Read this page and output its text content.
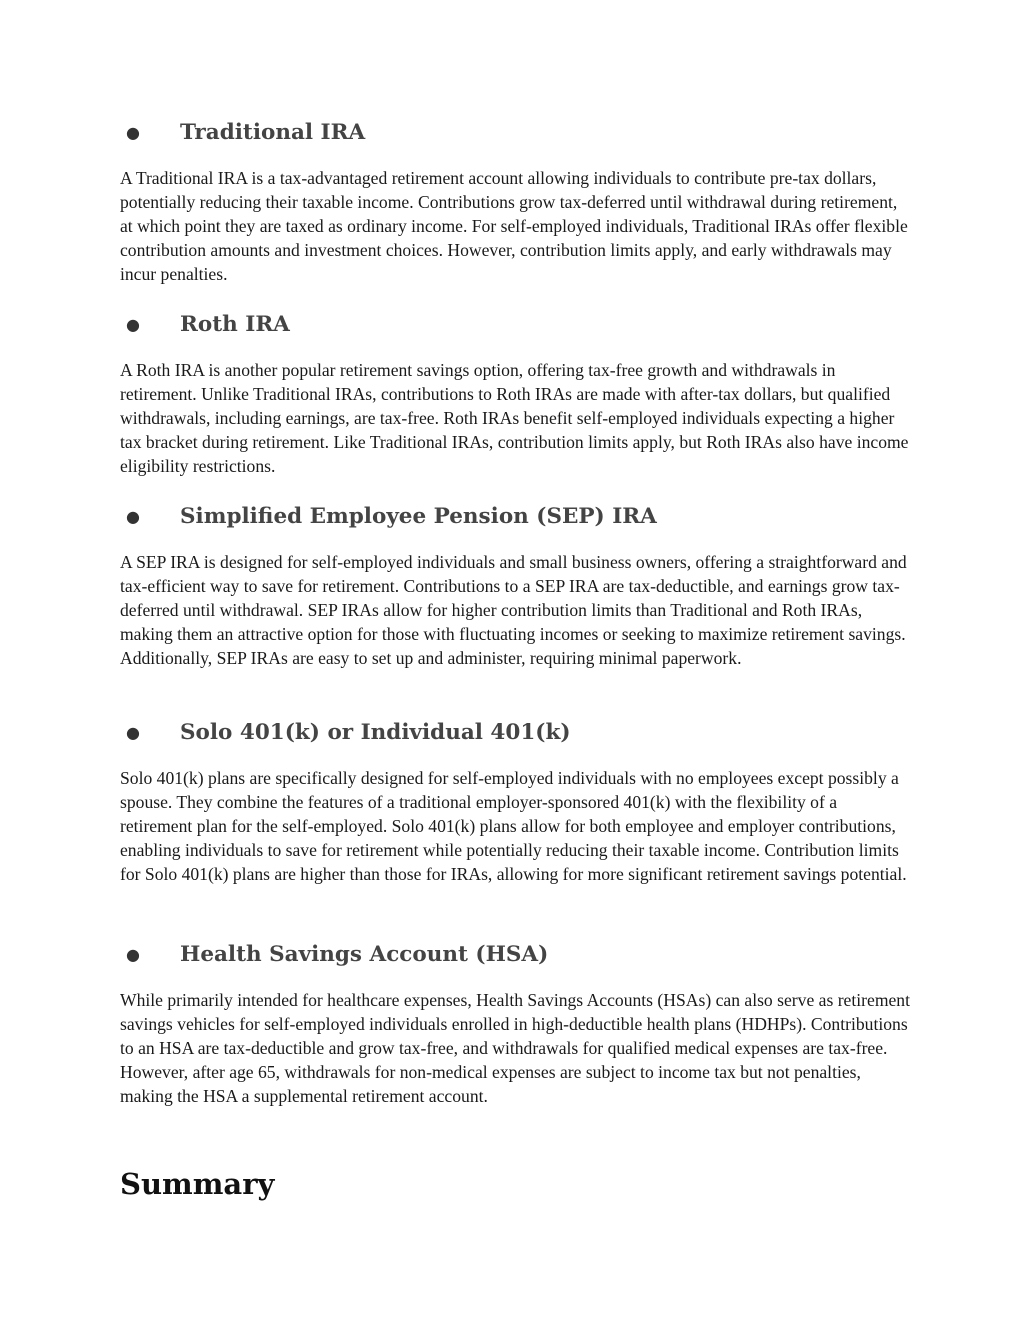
● Traditional IRA

A Traditional IRA is a tax-advantaged retirement account allowing individuals to contribute pre-tax dollars, potentially reducing their taxable income. Contributions grow tax-deferred until withdrawal during retirement, at which point they are taxed as ordinary income. For self-employed individuals, Traditional IRAs offer flexible contribution amounts and investment choices. However, contribution limits apply, and early withdrawals may incur penalties.

● Roth IRA

A Roth IRA is another popular retirement savings option, offering tax-free growth and withdrawals in retirement. Unlike Traditional IRAs, contributions to Roth IRAs are made with after-tax dollars, but qualified withdrawals, including earnings, are tax-free. Roth IRAs benefit self-employed individuals expecting a higher tax bracket during retirement. Like Traditional IRAs, contribution limits apply, but Roth IRAs also have income eligibility restrictions.

● Simplified Employee Pension (SEP) IRA

A SEP IRA is designed for self-employed individuals and small business owners, offering a straightforward and tax-efficient way to save for retirement. Contributions to a SEP IRA are tax-deductible, and earnings grow tax-deferred until withdrawal. SEP IRAs allow for higher contribution limits than Traditional and Roth IRAs, making them an attractive option for those with fluctuating incomes or seeking to maximize retirement savings. Additionally, SEP IRAs are easy to set up and administer, requiring minimal paperwork.

● Solo 401(k) or Individual 401(k)

Solo 401(k) plans are specifically designed for self-employed individuals with no employees except possibly a spouse. They combine the features of a traditional employer-sponsored 401(k) with the flexibility of a retirement plan for the self-employed. Solo 401(k) plans allow for both employee and employer contributions, enabling individuals to save for retirement while potentially reducing their taxable income. Contribution limits for Solo 401(k) plans are higher than those for IRAs, allowing for more significant retirement savings potential.

● Health Savings Account (HSA)

While primarily intended for healthcare expenses, Health Savings Accounts (HSAs) can also serve as retirement savings vehicles for self-employed individuals enrolled in high-deductible health plans (HDHPs). Contributions to an HSA are tax-deductible and grow tax-free, and withdrawals for qualified medical expenses are tax-free. However, after age 65, withdrawals for non-medical expenses are subject to income tax but not penalties, making the HSA a supplemental retirement account.

Summary
